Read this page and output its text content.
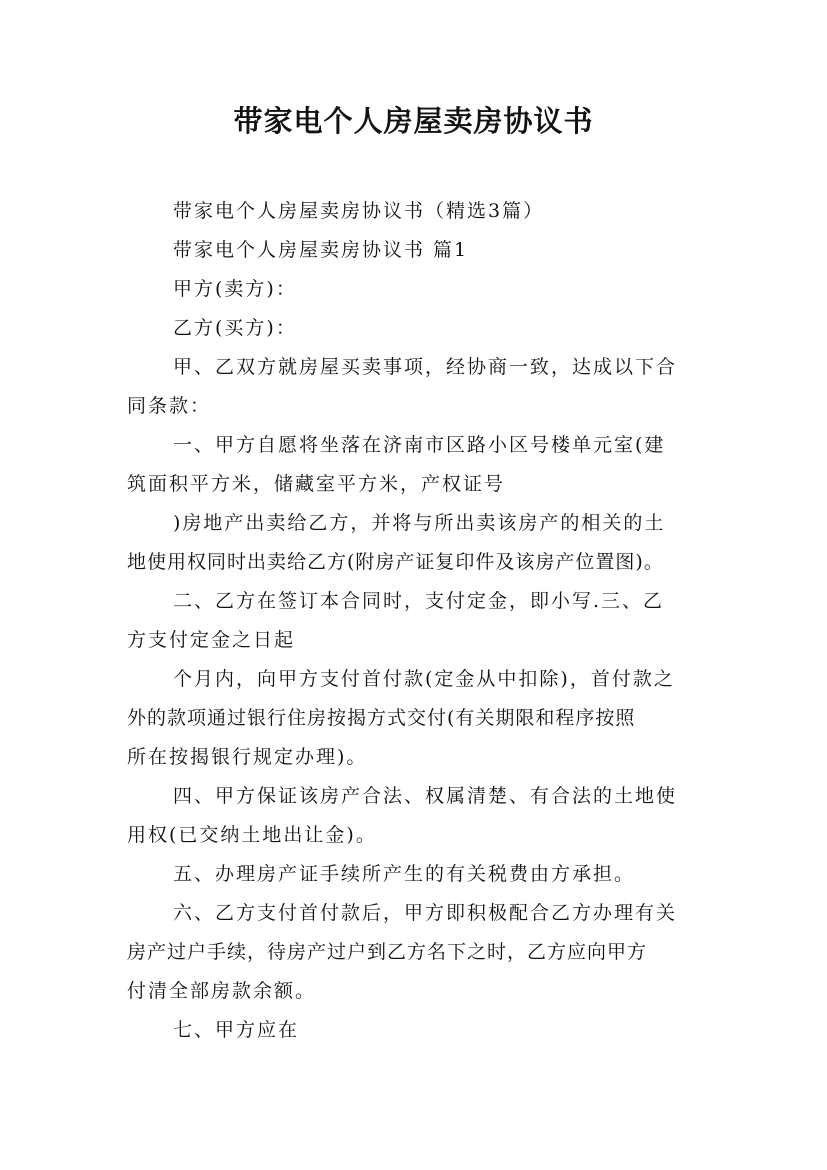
带家电个人房屋卖房协议书

带家电个人房屋卖房协议书（精选3篇）

带家电个人房屋卖房协议书 篇1

甲方(卖方)：

乙方(买方)：

甲、乙双方就房屋买卖事项，经协商一致，达成以下合

同条款：

一、甲方自愿将坐落在济南市区路小区号楼单元室(建

筑面积平方米，储藏室平方米，产权证号

)房地产出卖给乙方，并将与所出卖该房产的相关的土

地使用权同时出卖给乙方(附房产证复印件及该房产位置图)。

二、乙方在签订本合同时，支付定金，即小写.三、乙

方支付定金之日起

个月内，向甲方支付首付款(定金从中扣除)，首付款之

外的款项通过银行住房按揭方式交付(有关期限和程序按照

所在按揭银行规定办理)。

四、甲方保证该房产合法、权属清楚、有合法的土地使

用权(已交纳土地出让金)。

五、办理房产证手续所产生的有关税费由方承担。

六、乙方支付首付款后，甲方即积极配合乙方办理有关

房产过户手续，待房产过户到乙方名下之时，乙方应向甲方

付清全部房款余额。

七、甲方应在
